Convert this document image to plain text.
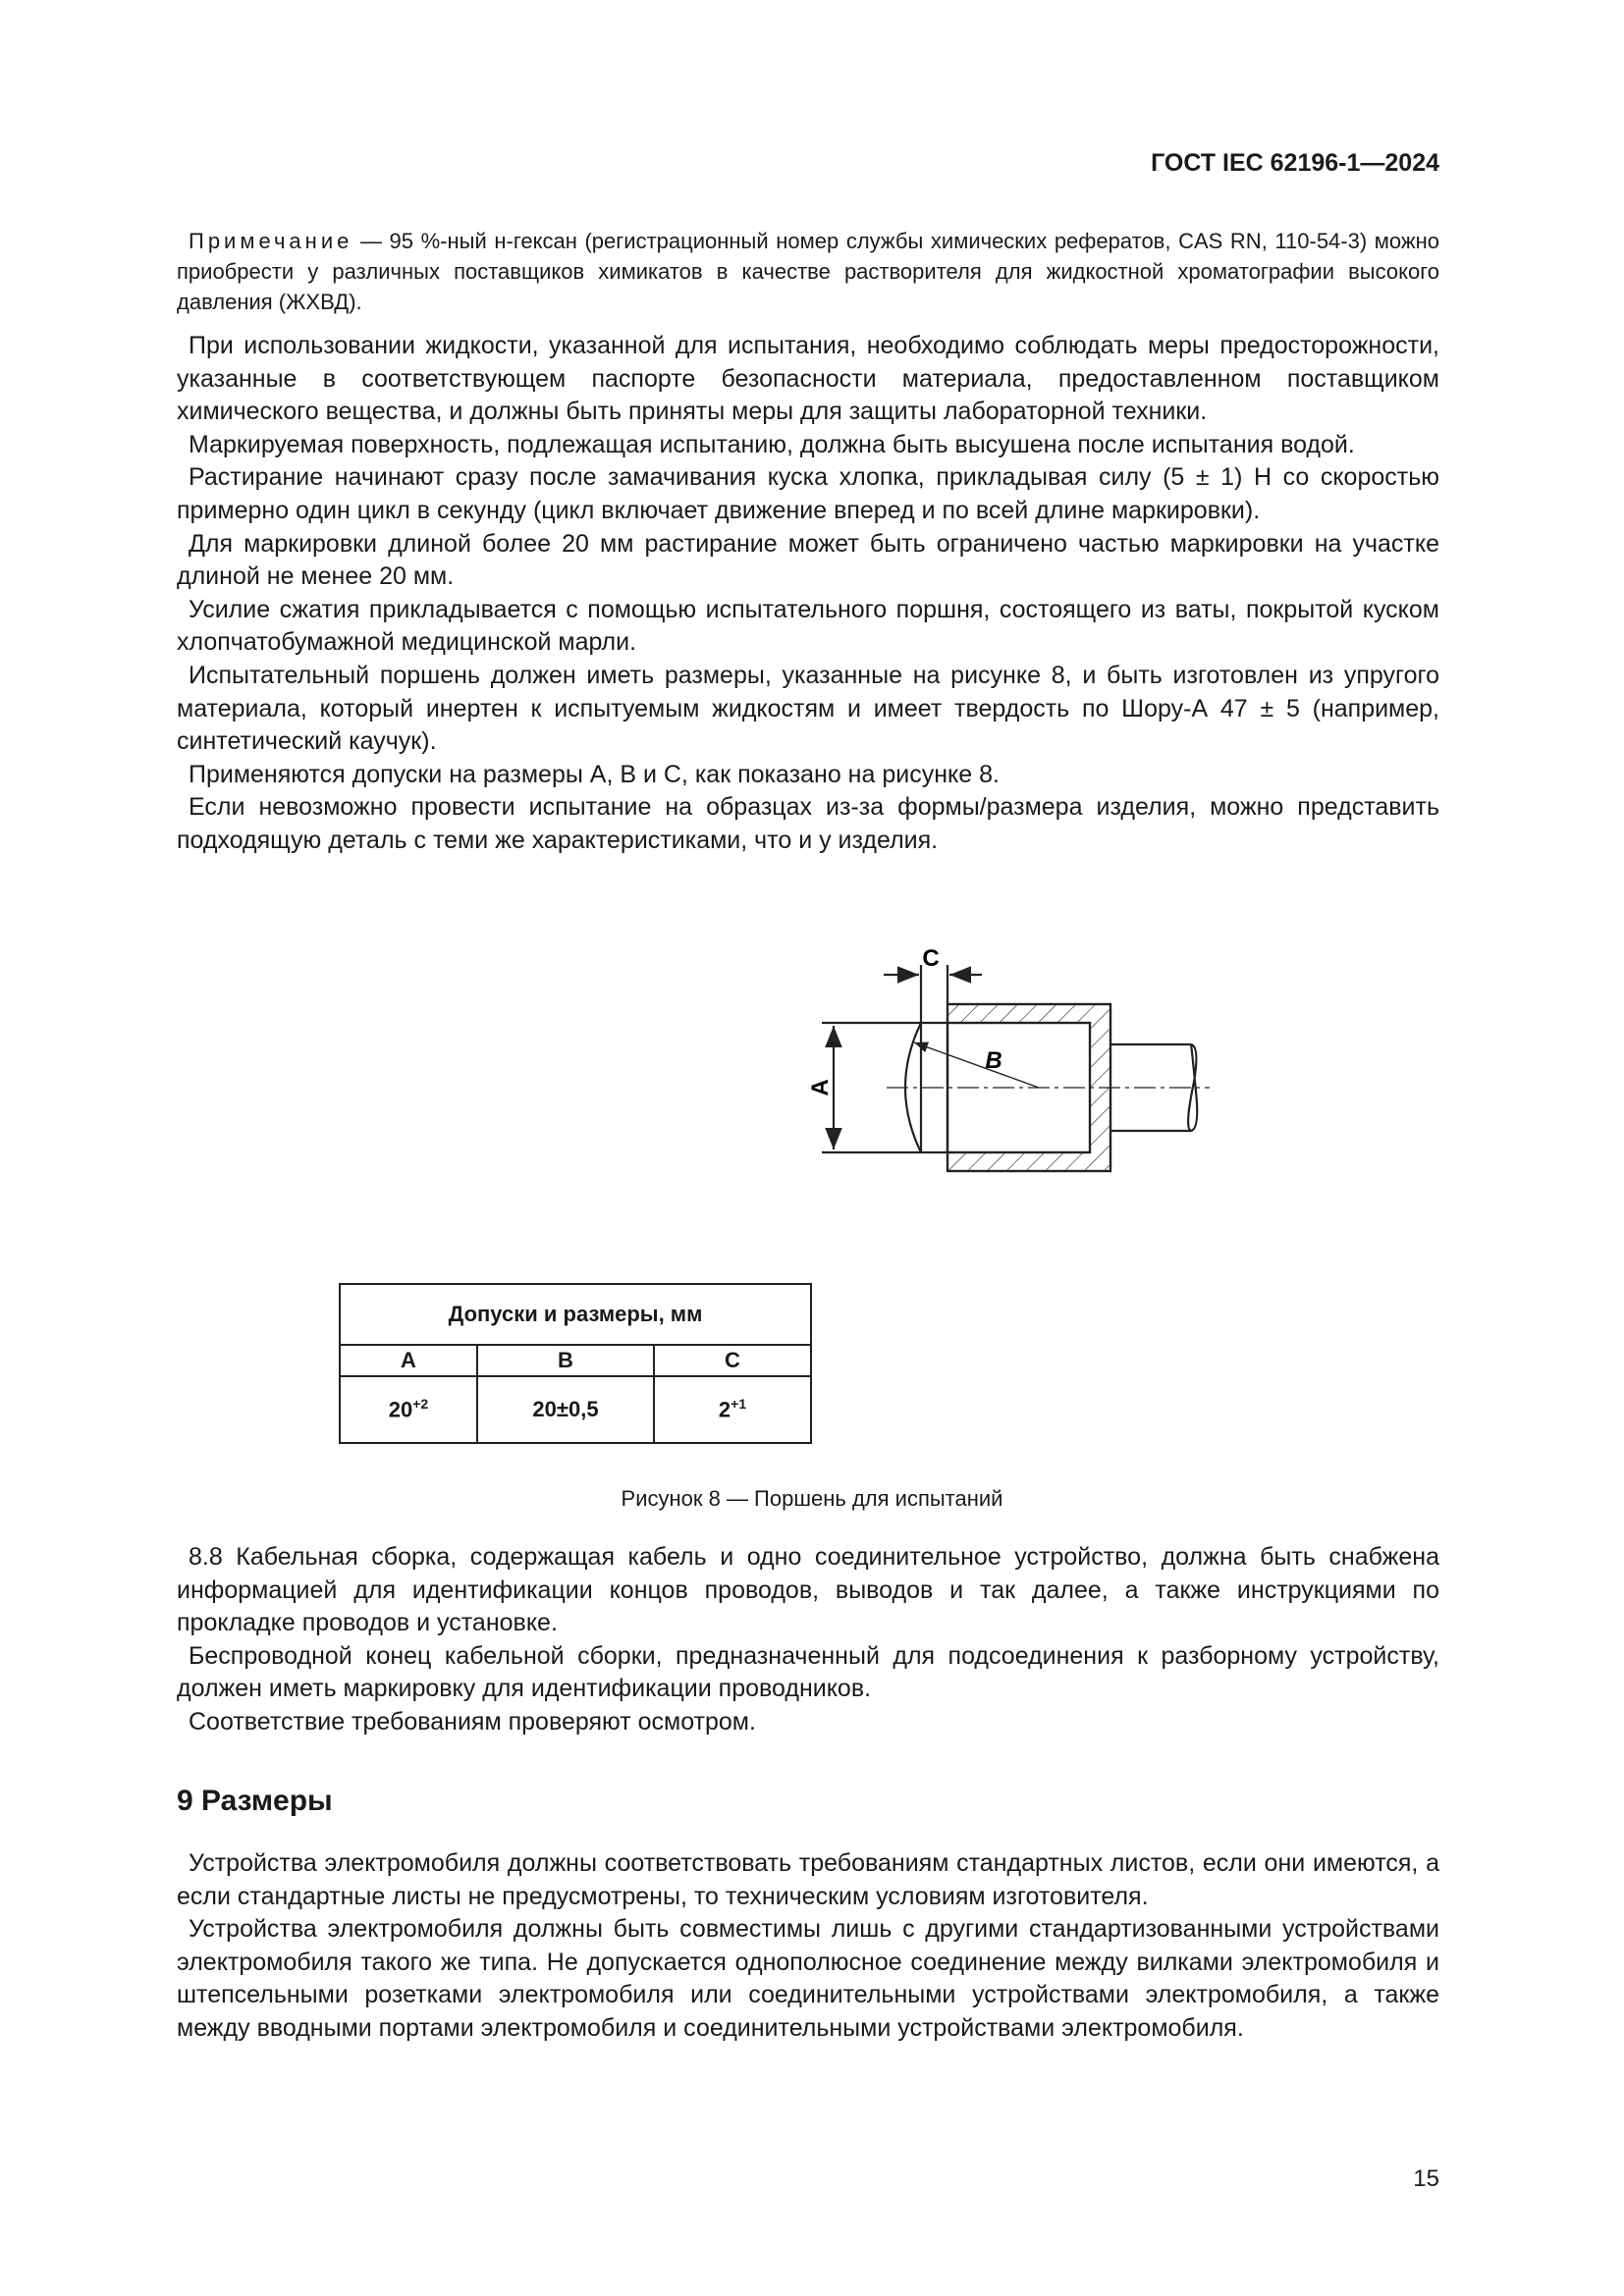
ГОСТ IEC 62196-1—2024

Примечание — 95 %-ный н-гексан (регистрационный номер службы химических рефератов, CAS RN, 110-54-3) можно приобрести у различных поставщиков химикатов в качестве растворителя для жидкостной хроматографии высокого давления (ЖХВД).

При использовании жидкости, указанной для испытания, необходимо соблюдать меры предосторожности, указанные в соответствующем паспорте безопасности материала, предоставленном поставщиком химического вещества, и должны быть приняты меры для защиты лабораторной техники.

Маркируемая поверхность, подлежащая испытанию, должна быть высушена после испытания водой.

Растирание начинают сразу после замачивания куска хлопка, прикладывая силу (5 ± 1) Н со скоростью примерно один цикл в секунду (цикл включает движение вперед и по всей длине маркировки).

Для маркировки длиной более 20 мм растирание может быть ограничено частью маркировки на участке длиной не менее 20 мм.

Усилие сжатия прикладывается с помощью испытательного поршня, состоящего из ваты, покрытой куском хлопчатобумажной медицинской марли.

Испытательный поршень должен иметь размеры, указанные на рисунке 8, и быть изготовлен из упругого материала, который инертен к испытуемым жидкостям и имеет твердость по Шору-А 47 ± 5 (например, синтетический каучук).

Применяются допуски на размеры А, В и С, как показано на рисунке 8.

Если невозможно провести испытание на образцах из-за формы/размера изделия, можно представить подходящую деталь с теми же характеристиками, что и у изделия.

C
B
A
Допуски и размеры, мм		
A	B	C
$20^{+2}$	20±0,5	$2^{+1}$
Рисунок 8 — Поршень для испытаний

8.8 Кабельная сборка, содержащая кабель и одно соединительное устройство, должна быть снабжена информацией для идентификации концов проводов, выводов и так далее, а также инструкциями по прокладке проводов и установке.

Беспроводной конец кабельной сборки, предназначенный для подсоединения к разборному устройству, должен иметь маркировку для идентификации проводников.

Соответствие требованиям проверяют осмотром.

9 Размеры

Устройства электромобиля должны соответствовать требованиям стандартных листов, если они имеются, а если стандартные листы не предусмотрены, то техническим условиям изготовителя.

Устройства электромобиля должны быть совместимы лишь с другими стандартизованными устройствами электромобиля такого же типа. Не допускается однополюсное соединение между вилками электромобиля и штепсельными розетками электромобиля или соединительными устройствами электромобиля, а также между вводными портами электромобиля и соединительными устройствами электромобиля.

15
